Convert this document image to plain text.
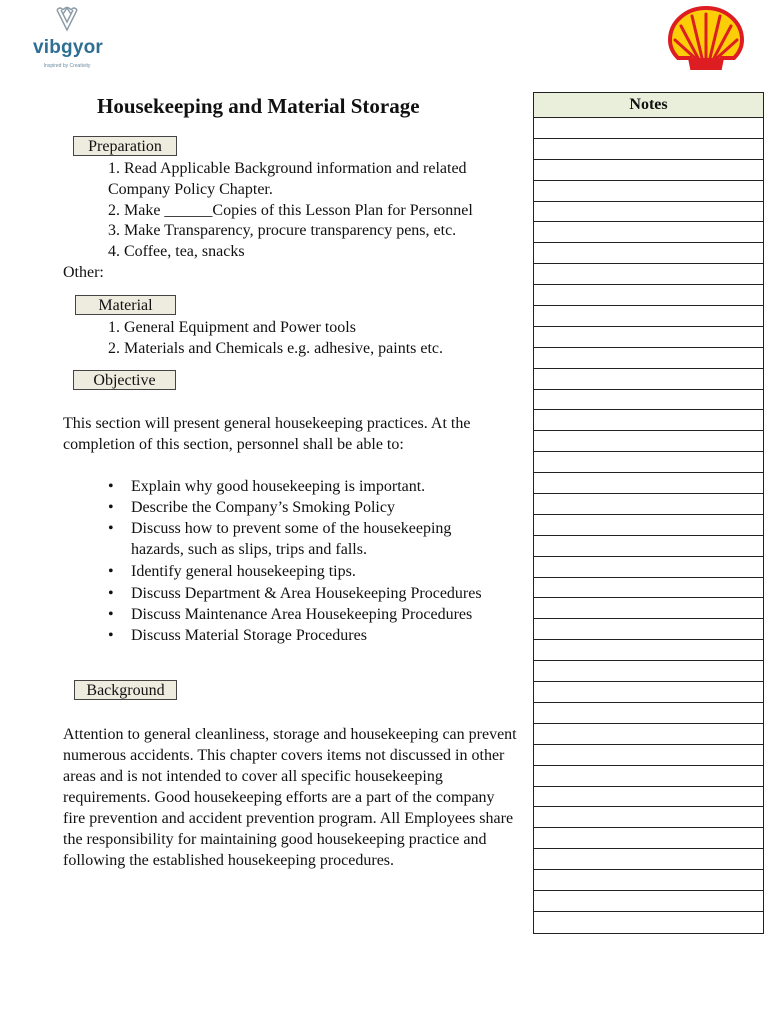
vibgyor
Inspired by Creativity
Housekeeping and Material Storage
Preparation

1. Read Applicable Background information and related

Company Policy Chapter.

2. Make ______Copies of this Lesson Plan for Personnel

3. Make Transparency, procure transparency pens, etc.

4. Coffee, tea, snacks

Other:

Material

1. General Equipment and Power tools

2. Materials and Chemicals e.g. adhesive, paints etc.

Objective

This section will present general housekeeping practices. At the completion of this section, personnel shall be able to:

• Explain why good housekeeping is important.
• Describe the Company’s Smoking Policy
• Discuss how to prevent some of the housekeeping hazards, such as slips, trips and falls.
• Identify general housekeeping tips.
• Discuss Department & Area Housekeeping Procedures
• Discuss Maintenance Area Housekeeping Procedures
• Discuss Material Storage Procedures
Background

Attention to general cleanliness, storage and housekeeping can prevent numerous accidents. This chapter covers items not discussed in other areas and is not intended to cover all specific housekeeping requirements. Good housekeeping efforts are a part of the company fire prevention and accident prevention program. All Employees share the responsibility for maintaining good housekeeping practice and following the established housekeeping procedures.

Notes
